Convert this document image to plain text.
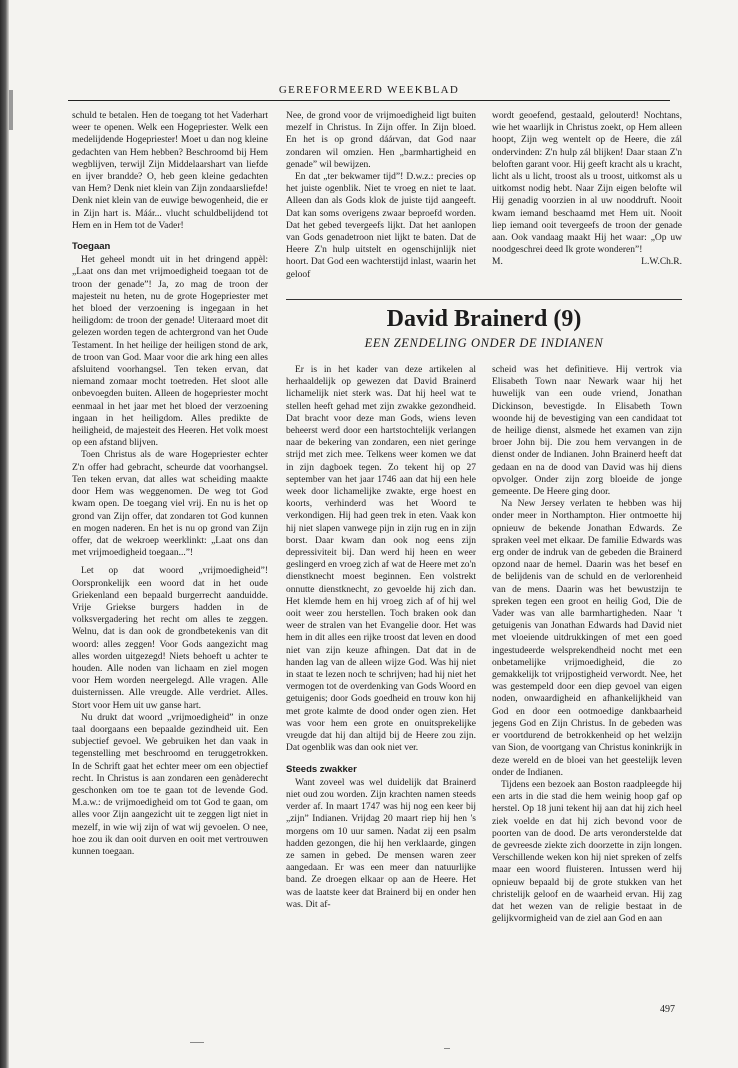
GEREFORMEERD WEEKBLAD

schuld te betalen. Hen de toegang tot het Vaderhart weer te openen. Welk een Hogepriester. Welk een medelijdende Hogepriester! Moet u dan nog kleine gedachten van Hem hebben? Beschroomd bij Hem wegblijven, terwijl Zijn Middelaarshart van liefde en ijver brandde? O, heb geen kleine gedachten van Hem? Denk niet klein van Zijn zondaarsliefde! Denk niet klein van de euwige bewogenheid, die er in Zijn hart is. Máár... vlucht schuldbelijdend tot Hem en in Hem tot de Vader!

Toegaan

Het geheel mondt uit in het dringend appèl: „Laat ons dan met vrijmoedigheid toegaan tot de troon der genade”! Ja, zo mag de troon der majesteit nu heten, nu de grote Hogepriester met het bloed der verzoening is ingegaan in het heiligdom: de troon der genade! Uiteraard moet dit gelezen worden tegen de achtergrond van het Oude Testament. In het heilige der heiligen stond de ark, de troon van God. Maar voor die ark hing een alles afsluitend voorhangsel. Ten teken ervan, dat niemand zomaar mocht toetreden. Het sloot alle onbevoegden buiten. Alleen de hogepriester mocht eenmaal in het jaar met het bloed der verzoening ingaan in het heiligdom. Alles predikte de heiligheid, de majesteit des Heeren. Het volk moest op een afstand blijven.

Toen Christus als de ware Hogepriester echter Z'n offer had gebracht, scheurde dat voorhangsel. Ten teken ervan, dat alles wat scheiding maakte door Hem was weggenomen. De weg tot God kwam open. De toegang viel vrij. En nu is het op grond van Zijn offer, dat zondaren tot God kunnen en mogen naderen. En het is nu op grond van Zijn offer, dat de wekroep weerklinkt: „Laat ons dan met vrijmoedigheid toegaan...”!

Let op dat woord „vrijmoedigheid”! Oorspronkelijk een woord dat in het oude Griekenland een bepaald burgerrecht aanduidde. Vrije Griekse burgers hadden in de volksvergadering het recht om alles te zeggen. Welnu, dat is dan ook de grondbetekenis van dit woord: alles zeggen! Voor Gods aangezicht mag alles worden uitgezegd! Niets behoeft u achter te houden. Alle noden van lichaam en ziel mogen voor Hem worden neergelegd. Alle vragen. Alle duisternissen. Alle vreugde. Alle verdriet. Alles. Stort voor Hem uit uw ganse hart.

Nu drukt dat woord „vrijmoedigheid” in onze taal doorgaans een bepaalde gezindheid uit. Een subjectief gevoel. We gebruiken het dan vaak in tegenstelling met beschroomd en teruggetrokken. In de Schrift gaat het echter meer om een objectief recht. In Christus is aan zondaren een genàderecht geschonken om toe te gaan tot de levende God. M.a.w.: de vrijmoedigheid om tot God te gaan, om alles voor Zijn aangezicht uit te zeggen ligt niet in mezelf, in wie wij zijn of wat wij gevoelen. O nee, hoe zou ik dan ooit durven en ooit met vertrouwen kunnen toegaan.

Nee, de grond voor de vrijmoedigheid ligt buiten mezelf in Christus. In Zijn offer. In Zijn bloed. En het is op grond dáárvan, dat God naar zondaren wil omzien. Hen „barmhartigheid en genade” wil bewijzen.

En dat „ter bekwamer tijd”! D.w.z.: precies op het juiste ogenblik. Niet te vroeg en niet te laat. Alleen dan als Gods klok de juiste tijd aangeeft. Dat kan soms overigens zwaar beproefd worden. Dat het gebed tevergeefs lijkt. Dat het aanlopen van Gods genadetroon niet lijkt te baten. Dat de Heere Z'n hulp uitstelt en ogenschijnlijk niet hoort. Dat God een wachterstijd inlast, waarin het geloof

wordt geoefend, gestaald, gelouterd! Nochtans, wie het waarlijk in Christus zoekt, op Hem alleen hoopt, Zijn weg wentelt op de Heere, die zál ondervinden: Z'n hulp zál blijken! Daar staan Z'n beloften garant voor. Hij geeft kracht als u kracht, licht als u licht, troost als u troost, uitkomst als u uitkomst nodig hebt. Naar Zijn eigen belofte wil Hij genadig voorzien in al uw nooddruft. Nooit kwam iemand beschaamd met Hem uit. Nooit liep iemand ooit tevergeefs de troon der genade aan. Ook vandaag maakt Hij het waar: „Op uw noodgeschrei deed Ik grote wonderen”!

M.	L.W.Ch.R.
David Brainerd (9)
EEN ZENDELING ONDER DE INDIANEN

Er is in het kader van deze artikelen al herhaaldelijk op gewezen dat David Brainerd lichamelijk niet sterk was. Dat hij heel wat te stellen heeft gehad met zijn zwakke gezondheid. Dat bracht voor deze man Gods, wiens leven beheerst werd door een hartstochtelijk verlangen naar de bekering van zondaren, een niet geringe strijd met zich mee. Telkens weer komen we dat in zijn dagboek tegen. Zo tekent hij op 27 september van het jaar 1746 aan dat hij een hele week door lichamelijke zwakte, erge hoest en koorts, verhinderd was het Woord te verkondigen. Hij had geen trek in eten. Vaak kon hij niet slapen vanwege pijn in zijn rug en in zijn borst. Daar kwam dan ook nog eens zijn depressiviteit bij. Dan werd hij heen en weer geslingerd en vroeg zich af wat de Heere met zo'n dienstknecht moest beginnen. Een volstrekt onnutte dienstknecht, zo gevoelde hij zich dan. Het klemde hem en hij vroeg zich af of hij wel ooit weer zou herstellen. Toch braken ook dan weer de stralen van het Evangelie door. Het was hem in dit alles een rijke troost dat leven en dood niet van zijn keuze afhingen. Dat dat in de handen lag van de alleen wijze God. Was hij niet in staat te lezen noch te schrijven; had hij niet het vermogen tot de overdenking van Gods Woord en getuigenis; door Gods goedheid en trouw kon hij met grote kalmte de dood onder ogen zien. Het was voor hem een grote en onuitsprekelijke vreugde dat hij dan altijd bij de Heere zou zijn. Dat ogenblik was dan ook niet ver.

Steeds zwakker

Want zoveel was wel duidelijk dat Brainerd niet oud zou worden. Zijn krachten namen steeds verder af. In maart 1747 was hij nog een keer bij „zijn” Indianen. Vrijdag 20 maart riep hij hen 's morgens om 10 uur samen. Nadat zij een psalm hadden gezongen, die hij hen verklaarde, gingen ze samen in gebed. De mensen waren zeer aangedaan. Er was een meer dan natuurlijke band. Ze droegen elkaar op aan de Heere. Het was de laatste keer dat Brainerd bij en onder hen was. Dit af-

scheid was het definitieve. Hij vertrok via Elisabeth Town naar Newark waar hij het huwelijk van een oude vriend, Jonathan Dickinson, bevestigde. In Elisabeth Town woonde hij de bevestiging van een candidaat tot de heilige dienst, alsmede het examen van zijn broer John bij. Die zou hem vervangen in de dienst onder de Indianen. John Brainerd heeft dat gedaan en na de dood van David was hij diens opvolger. Onder zijn zorg bloeide de jonge gemeente. De Heere ging door.

Na New Jersey verlaten te hebben was hij onder meer in Northampton. Hier ontmoette hij opnieuw de bekende Jonathan Edwards. Ze spraken veel met elkaar. De familie Edwards was erg onder de indruk van de gebeden die Brainerd opzond naar de hemel. Daarin was het besef en de belijdenis van de schuld en de verlorenheid van de mens. Daarin was het bewustzijn te spreken tegen een groot en heilig God, Die de Vader was van alle barmhartigheden. Naar 't getuigenis van Jonathan Edwards had David niet met vloeiende uitdrukkingen of met een goed ingestudeerde welsprekendheid nocht met een onbetamelijke vrijmoedigheid, die zo gemakkelijk tot vrijpostigheid verwordt. Nee, het was gestempeld door een diep gevoel van eigen noden, onwaardigheid en afhankelijkheid van God en door een ootmoedige dankbaarheid jegens God en Zijn Christus. In de gebeden was er voortdurend de betrokkenheid op het welzijn van Sion, de voortgang van Christus koninkrijk in deze wereld en de bloei van het geestelijk leven onder de Indianen.

Tijdens een bezoek aan Boston raadpleegde hij een arts in die stad die hem weinig hoop gaf op herstel. Op 18 juni tekent hij aan dat hij zich heel ziek voelde en dat hij zich bevond voor de poorten van de dood. De arts veronderstelde dat de gevreesde ziekte zich doorzette in zijn longen. Verschillende weken kon hij niet spreken of zelfs maar een woord fluisteren. Intussen werd hij opnieuw bepaald bij de grote stukken van het christelijk geloof en de waarheid ervan. Hij zag dat het wezen van de religie bestaat in de gelijkvormigheid van de ziel aan God en aan

497
